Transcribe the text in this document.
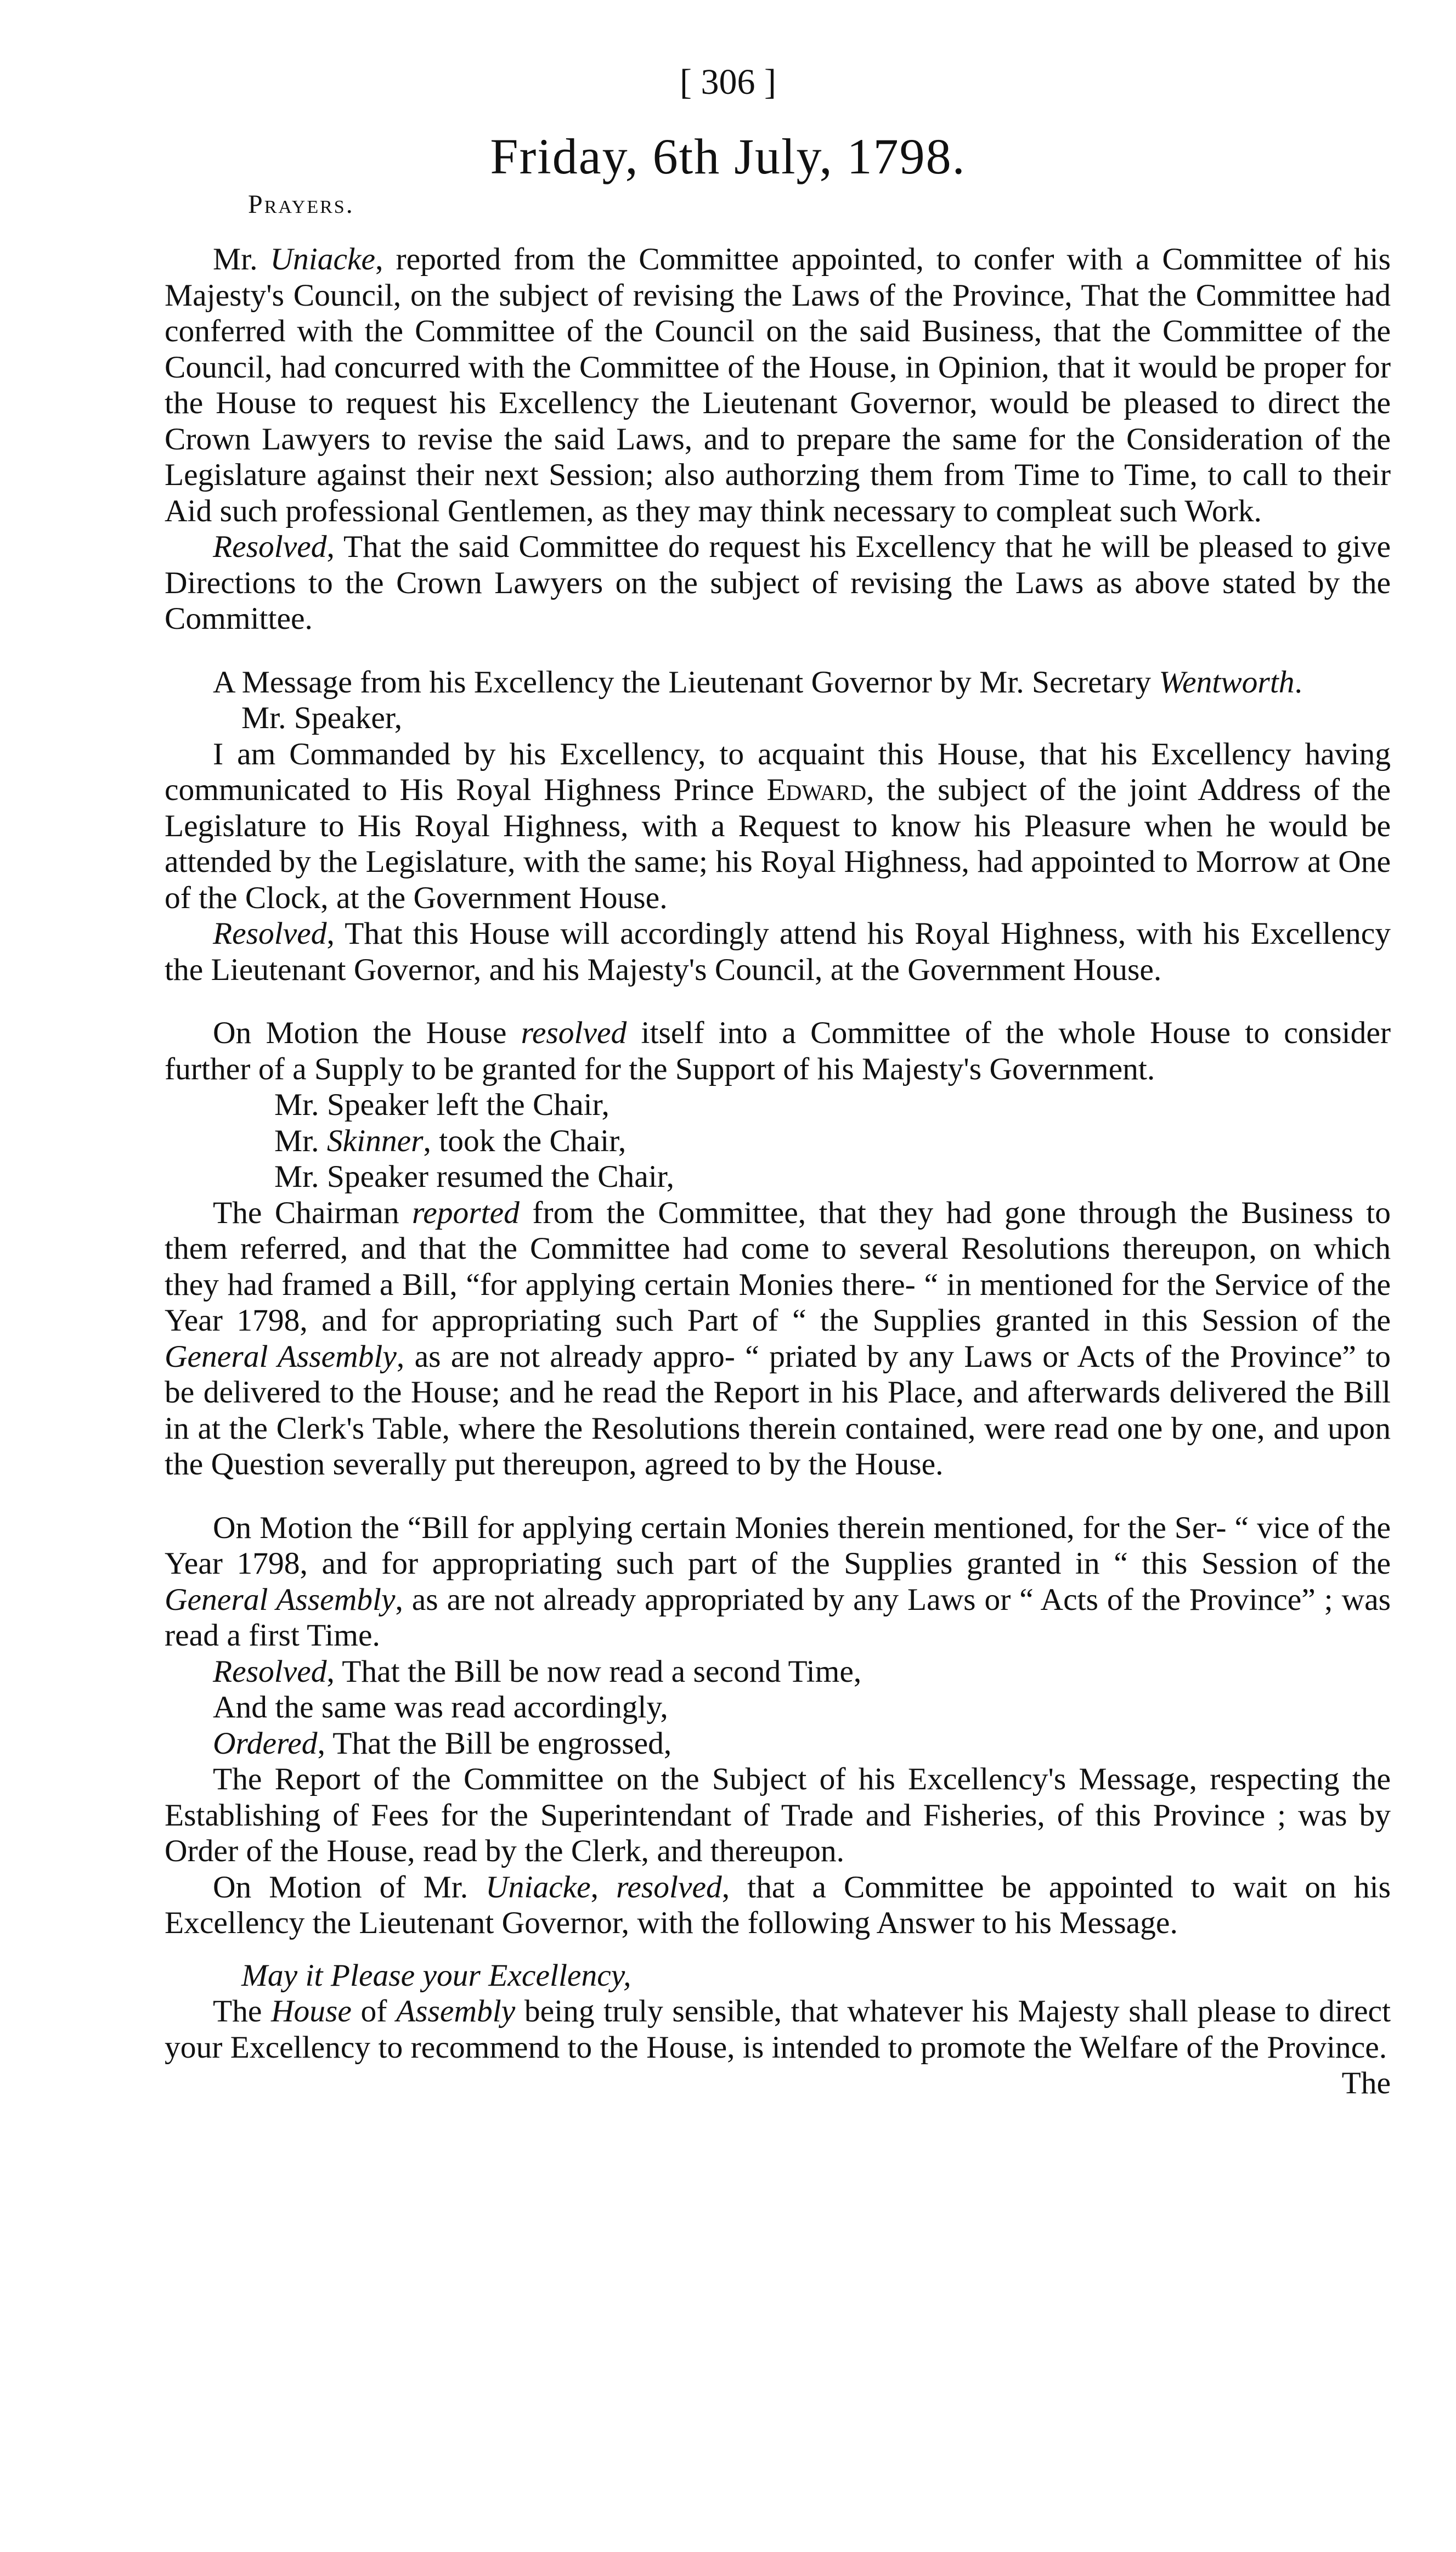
[ 306 ]
Friday, 6th July, 1798.
Prayers.

Mr. Uniacke, reported from the Committee appointed, to confer with a Committee of his Majesty's Council, on the subject of revising the Laws of the Province, That the Committee had conferred with the Committee of the Council on the said Business, that the Committee of the Council, had concurred with the Committee of the House, in Opinion, that it would be proper for the House to request his Excellency the Lieutenant Governor, would be pleased to direct the Crown Lawyers to revise the said Laws, and to prepare the same for the Consideration of the Legislature against their next Session; also authorzing them from Time to Time, to call to their Aid such professional Gentlemen, as they may think necessary to compleat such Work.

Resolved, That the said Committee do request his Excellency that he will be pleased to give Directions to the Crown Lawyers on the subject of revising the Laws as above stated by the Committee.

A Message from his Excellency the Lieutenant Governor by Mr. Secretary Wentworth.

Mr. Speaker,

I am Commanded by his Excellency, to acquaint this House, that his Excellency having communicated to His Royal Highness Prince Edward, the subject of the joint Address of the Legislature to His Royal Highness, with a Request to know his Pleasure when he would be attended by the Legislature, with the same; his Royal Highness, had appointed to Morrow at One of the Clock, at the Government House.

Resolved, That this House will accordingly attend his Royal Highness, with his Excellency the Lieutenant Governor, and his Majesty's Council, at the Government House.

On Motion the House resolved itself into a Committee of the whole House to consider further of a Supply to be granted for the Support of his Majesty's Government.

Mr. Speaker left the Chair,

Mr. Skinner, took the Chair,

Mr. Speaker resumed the Chair,

The Chairman reported from the Committee, that they had gone through the Business to them referred, and that the Committee had come to several Resolutions thereupon, on which they had framed a Bill, “for applying certain Monies there- “ in mentioned for the Service of the Year 1798, and for appropriating such Part of “ the Supplies granted in this Session of the General Assembly, as are not already appro- “ priated by any Laws or Acts of the Province” to be delivered to the House; and he read the Report in his Place, and afterwards delivered the Bill in at the Clerk's Table, where the Resolutions therein contained, were read one by one, and upon the Question severally put thereupon, agreed to by the House.

On Motion the “Bill for applying certain Monies therein mentioned, for the Ser- “ vice of the Year 1798, and for appropriating such part of the Supplies granted in “ this Session of the General Assembly, as are not already appropriated by any Laws or “ Acts of the Province” ; was read a first Time.

Resolved, That the Bill be now read a second Time,

And the same was read accordingly,

Ordered, That the Bill be engrossed,

The Report of the Committee on the Subject of his Excellency's Message, respecting the Establishing of Fees for the Superintendant of Trade and Fisheries, of this Province ; was by Order of the House, read by the Clerk, and thereupon.

On Motion of Mr. Uniacke, resolved, that a Committee be appointed to wait on his Excellency the Lieutenant Governor, with the following Answer to his Message.

May it Please your Excellency,

The House of Assembly being truly sensible, that whatever his Majesty shall please to direct your Excellency to recommend to the House, is intended to promote the Welfare of the Province.

The
